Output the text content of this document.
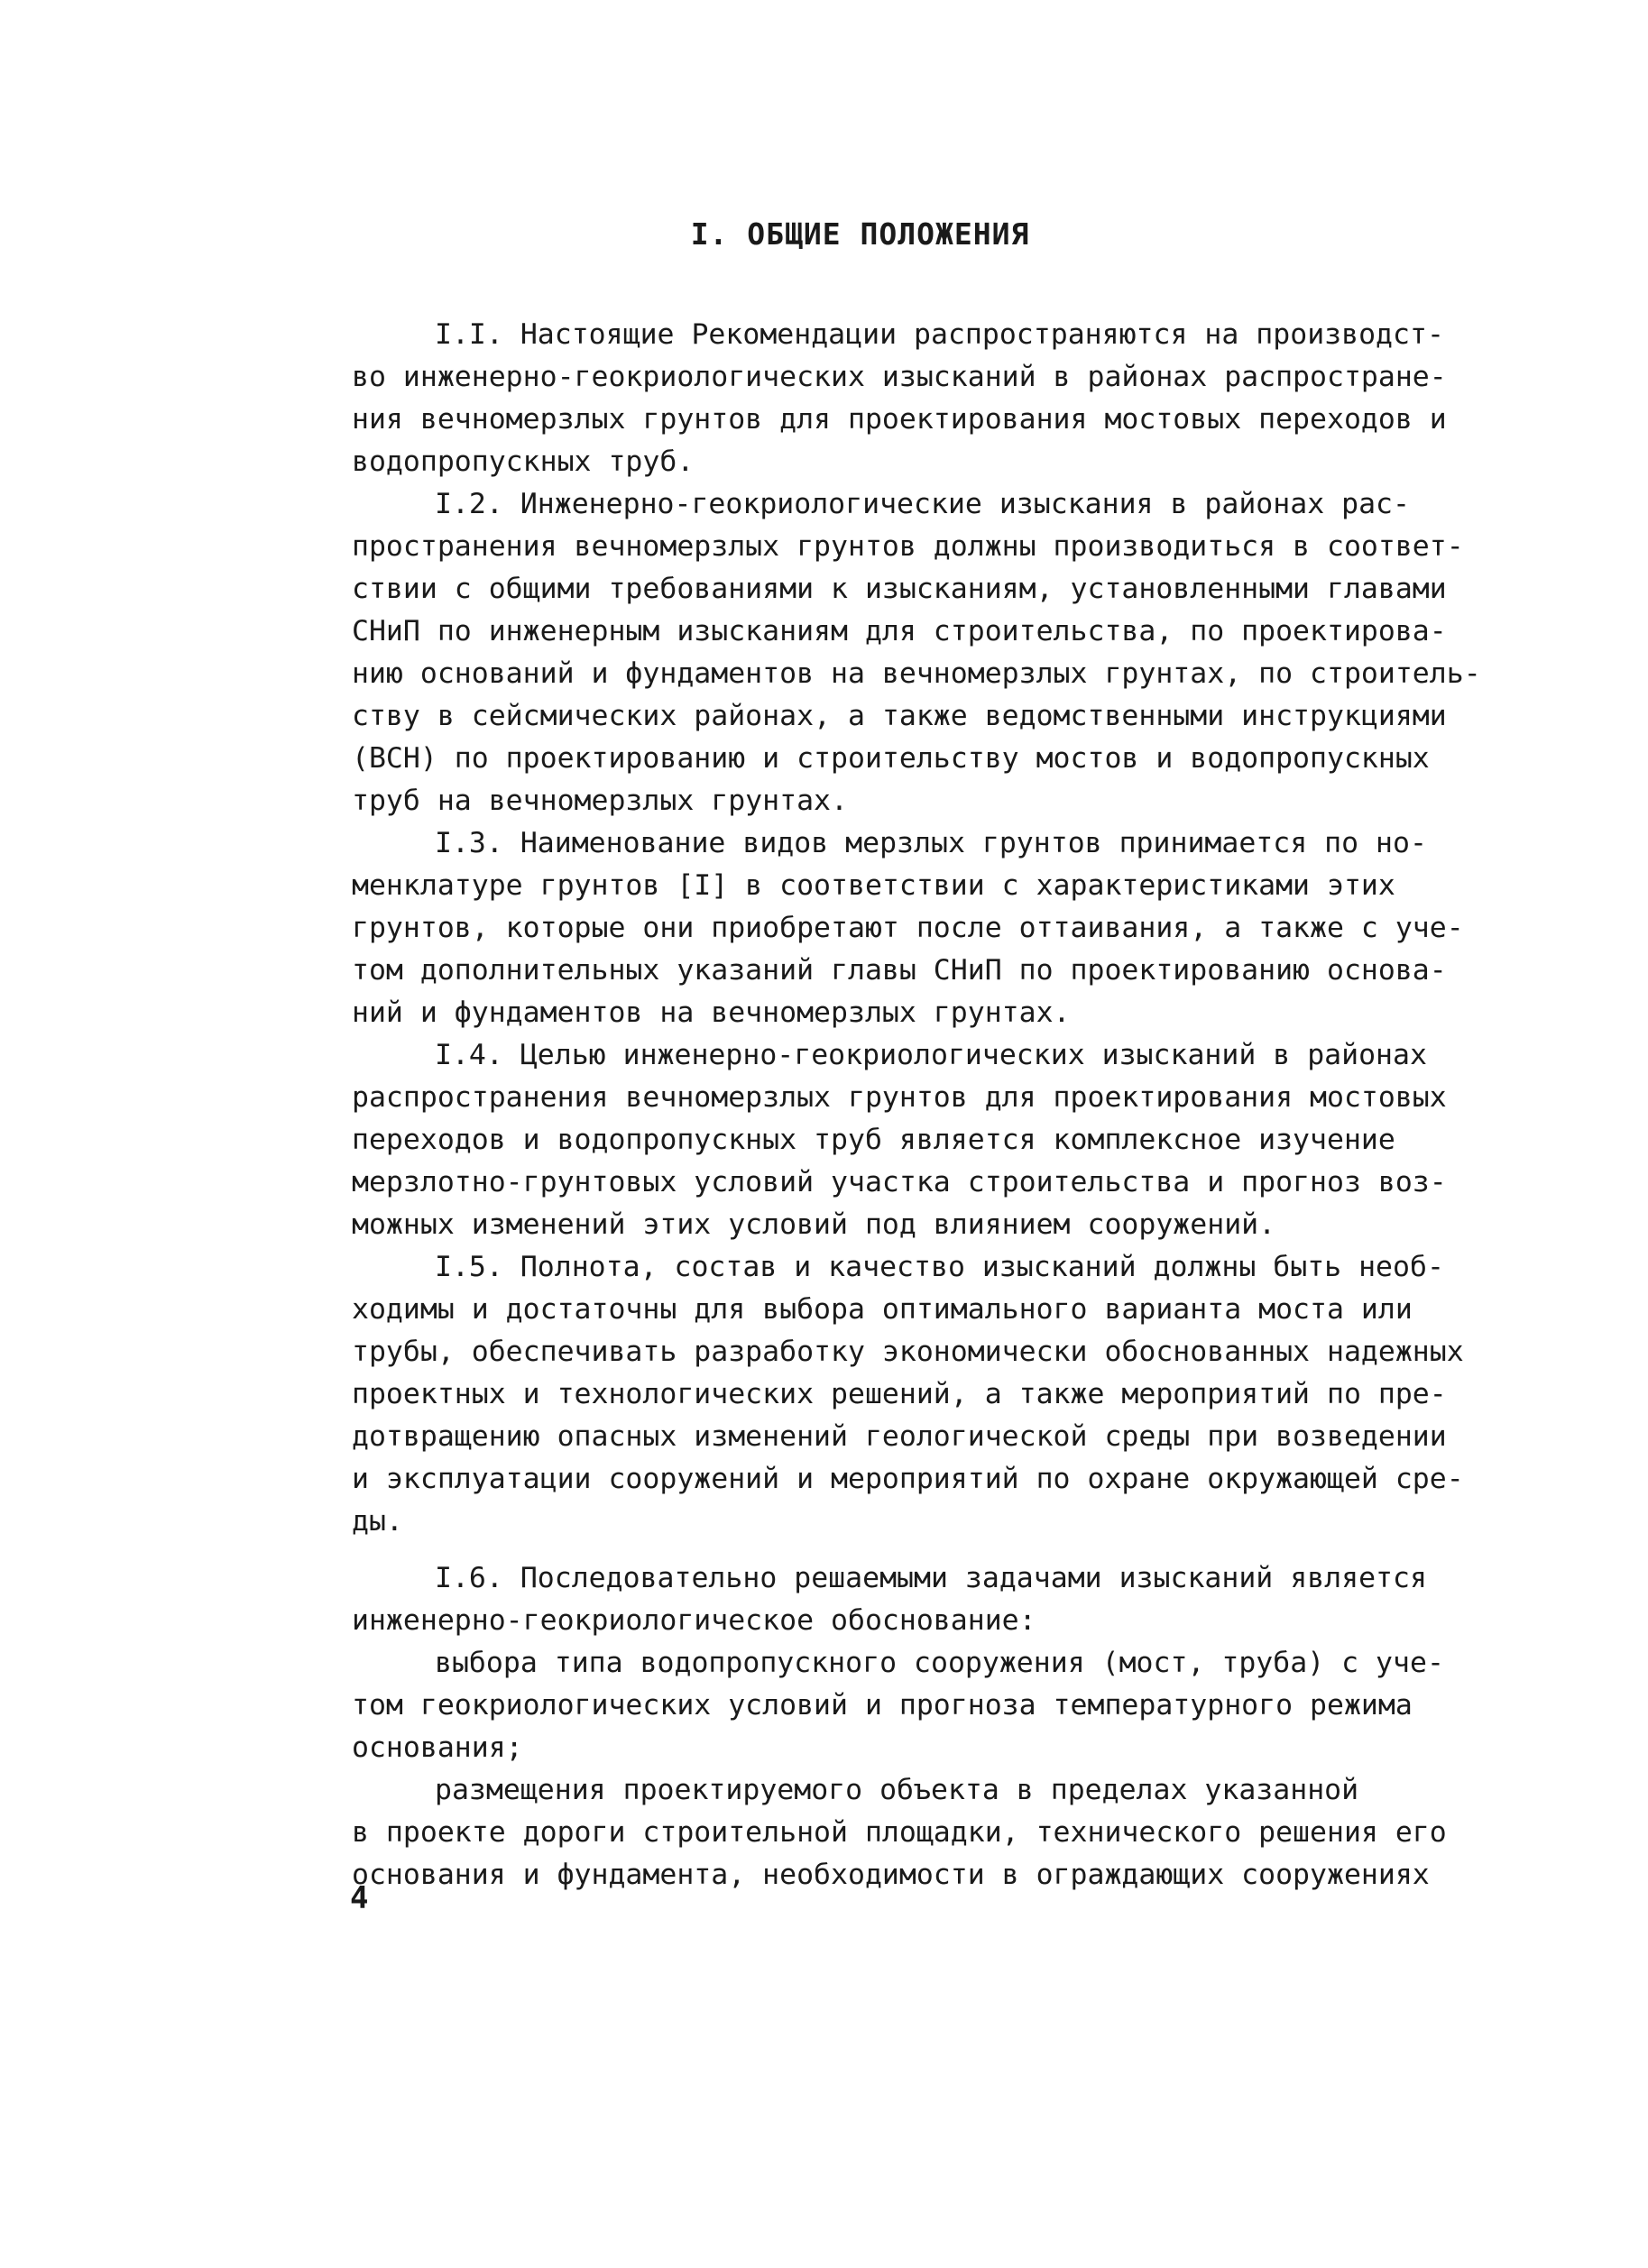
I. ОБЩИЕ ПОЛОЖЕНИЯ
I.I. Настоящие Рекомендации распространяются на производст-
во инженерно-геокриологических изысканий в районах распростране-
ния вечномерзлых грунтов для проектирования мостовых переходов и
водопропускных труб.
I.2. Инженерно-геокриологические изыскания в районах рас-
пространения вечномерзлых грунтов должны производиться в соответ-
ствии с общими требованиями к изысканиям, установленными главами
СНиП по инженерным изысканиям для строительства, по проектирова-
нию оснований и фундаментов на вечномерзлых грунтах, по строитель-
ству в сейсмических районах, а также ведомственными инструкциями
(ВСН) по проектированию и строительству мостов и водопропускных
труб на вечномерзлых грунтах.
I.3. Наименование видов мерзлых грунтов принимается по но-
менклатуре грунтов [I] в соответствии с характеристиками этих
грунтов, которые они приобретают после оттаивания, а также с уче-
том дополнительных указаний главы СНиП по проектированию основа-
ний и фундаментов на вечномерзлых грунтах.
I.4. Целью инженерно-геокриологических изысканий в районах
распространения вечномерзлых грунтов для проектирования мостовых
переходов и водопропускных труб является комплексное изучение
мерзлотно-грунтовых условий участка строительства и прогноз воз-
можных изменений этих условий под влиянием сооружений.
I.5. Полнота, состав и качество изысканий должны быть необ-
ходимы и достаточны для выбора оптимального варианта моста или
трубы, обеспечивать разработку экономически обоснованных надежных
проектных и технологических решений, а также мероприятий по пре-
дотвращению опасных изменений геологической среды при возведении
и эксплуатации сооружений и мероприятий по охране окружающей сре-
ды.
I.6. Последовательно решаемыми задачами изысканий является
инженерно-геокриологическое обоснование:
выбора типа водопропускного сооружения (мост, труба) с уче-
том геокриологических условий и прогноза температурного режима
основания;
размещения проектируемого объекта в пределах указанной
в проекте дороги строительной площадки, технического решения его
основания и фундамента, необходимости в ограждающих сооружениях
4
